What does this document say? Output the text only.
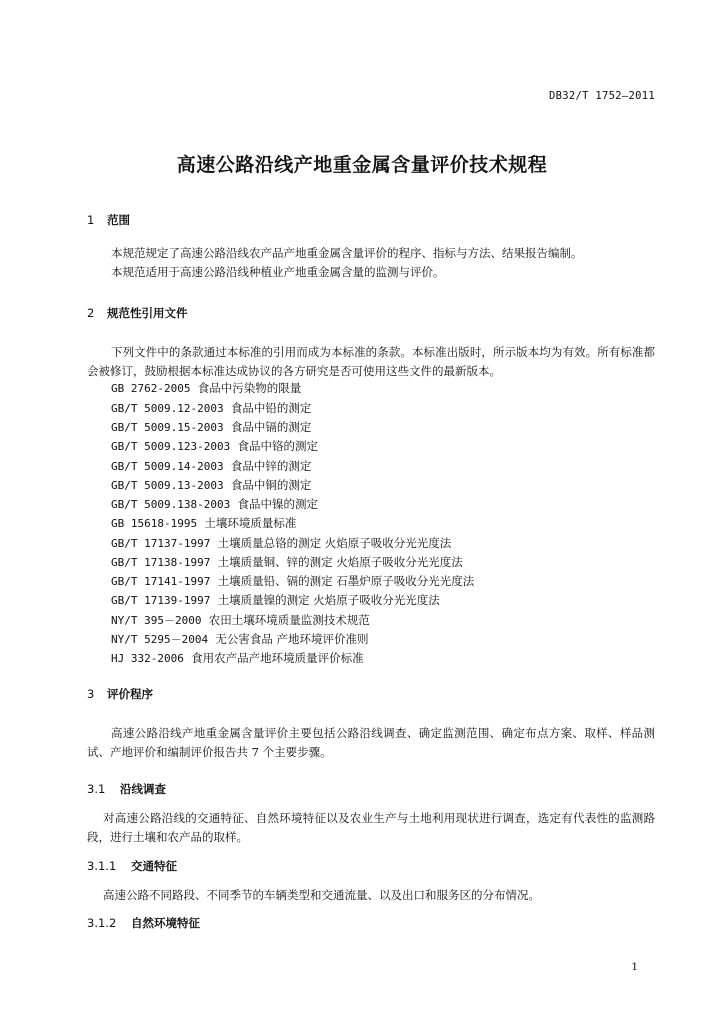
DB32/T 1752—2011
高速公路沿线产地重金属含量评价技术规程
1 范围
本规范规定了高速公路沿线农产品产地重金属含量评价的程序、指标与方法、结果报告编制。
本规范适用于高速公路沿线种植业产地重金属含量的监测与评价。
2 规范性引用文件
下列文件中的条款通过本标准的引用而成为本标准的条款。本标准出版时，所示版本均为有效。所有标准都会被修订，鼓励根据本标准达成协议的各方研究是否可使用这些文件的最新版本。
GB 2762-2005 食品中污染物的限量
GB/T 5009.12-2003 食品中铅的测定
GB/T 5009.15-2003 食品中镉的测定
GB/T 5009.123-2003 食品中铬的测定
GB/T 5009.14-2003 食品中锌的测定
GB/T 5009.13-2003 食品中铜的测定
GB/T 5009.138-2003 食品中镍的测定
GB 15618-1995 土壤环境质量标准
GB/T 17137-1997 土壤质量总铬的测定 火焰原子吸收分光光度法
GB/T 17138-1997 土壤质量铜、锌的测定 火焰原子吸收分光光度法
GB/T 17141-1997 土壤质量铅、镉的测定 石墨炉原子吸收分光光度法
GB/T 17139-1997 土壤质量镍的测定 火焰原子吸收分光光度法
NY/T 395－2000 农田土壤环境质量监测技术规范
NY/T 5295－2004 无公害食品 产地环境评价准则
HJ 332-2006 食用农产品产地环境质量评价标准
3 评价程序
高速公路沿线产地重金属含量评价主要包括公路沿线调查、确定监测范围、确定布点方案、取样、样品测试、产地评价和编制评价报告共 7 个主要步骤。
3.1 沿线调查
对高速公路沿线的交通特征、自然环境特征以及农业生产与土地利用现状进行调查，选定有代表性的监测路段，进行土壤和农产品的取样。
3.1.1 交通特征
高速公路不同路段、不同季节的车辆类型和交通流量、以及出口和服务区的分布情况。
3.1.2 自然环境特征
1
